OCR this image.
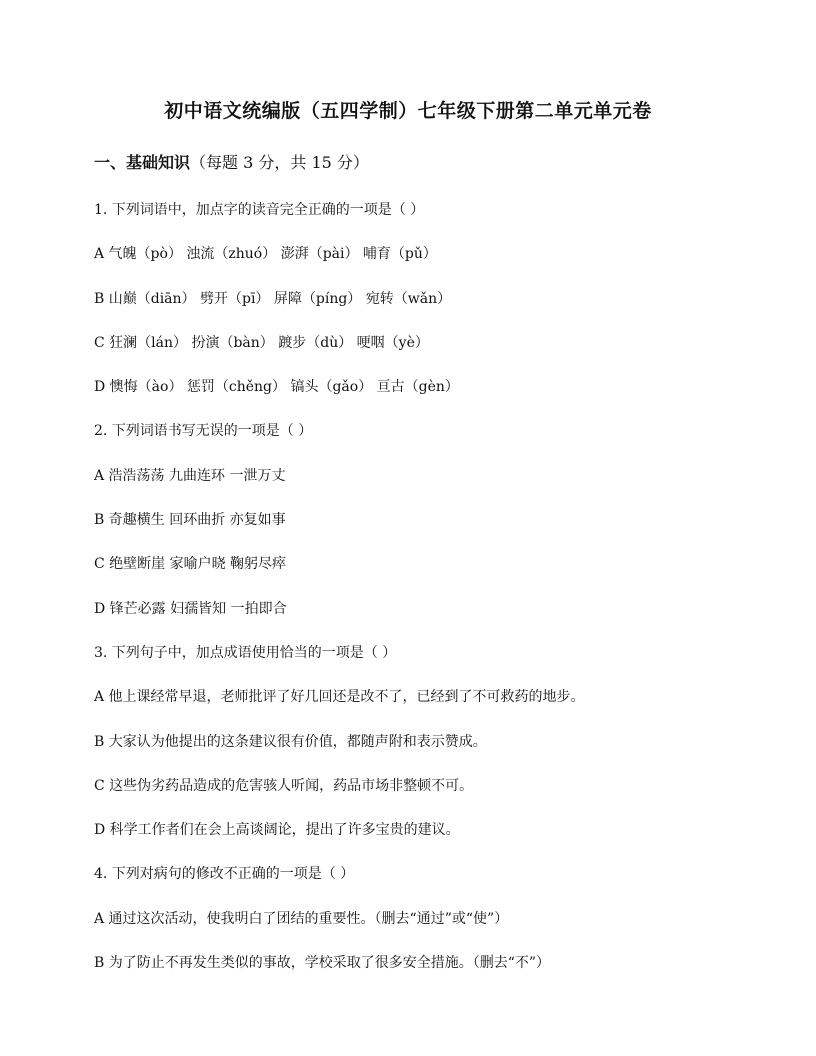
初中语文统编版（五四学制）七年级下册第二单元单元卷
一、基础知识（每题 3 分，共 15 分）
1. 下列词语中，加点字的读音完全正确的一项是（ ）
A 气魄（pò） 浊流（zhuó） 澎湃（pài） 哺育（pǔ）
B 山巅（diān） 劈开（pī） 屏障（píng） 宛转（wǎn）
C 狂澜（lán） 扮演（bàn） 踱步（dù） 哽咽（yè）
D 懊悔（ào） 惩罚（chěng） 镐头（gǎo） 亘古（gèn）
2. 下列词语书写无误的一项是（ ）
A 浩浩荡荡 九曲连环 一泄万丈
B 奇趣横生 回环曲折 亦复如事
C 绝壁断崖 家喻户晓 鞠躬尽瘁
D 锋芒必露 妇孺皆知 一拍即合
3. 下列句子中，加点成语使用恰当的一项是（ ）
A 他上课经常早退，老师批评了好几回还是改不了，已经到了不可救药的地步。
B 大家认为他提出的这条建议很有价值，都随声附和表示赞成。
C 这些伪劣药品造成的危害骇人听闻，药品市场非整顿不可。
D 科学工作者们在会上高谈阔论，提出了许多宝贵的建议。
4. 下列对病句的修改不正确的一项是（ ）
A 通过这次活动，使我明白了团结的重要性。（删去“通过”或“使”）
B 为了防止不再发生类似的事故，学校采取了很多安全措施。（删去“不”）
